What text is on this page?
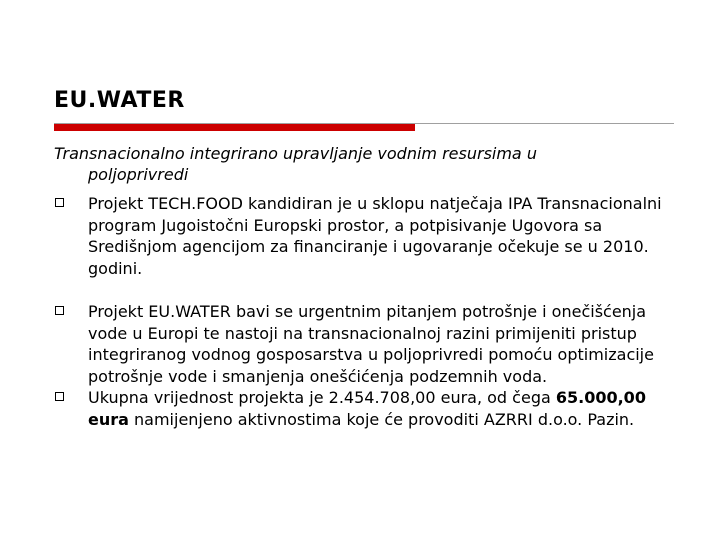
EU.WATER
Transnacionalno integrirano upravljanje vodnim resursima u
poljoprivredi
Projekt TECH.FOOD kandidiran je u sklopu natječaja IPA Transnacionalni program Jugoistočni Europski prostor, a potpisivanje Ugovora sa Središnjom agencijom za financiranje i ugovaranje očekuje se u 2010. godini.
Projekt EU.WATER bavi se urgentnim pitanjem potrošnje i onečišćenja vode u Europi te nastoji na transnacionalnoj razini primijeniti pristup integriranog vodnog gosposarstva u poljoprivredi pomoću optimizacije potrošnje vode i smanjenja onešćićenja podzemnih voda.
Ukupna vrijednost projekta je 2.454.708,00 eura, od čega 65.000,00 eura namijenjeno aktivnostima koje će provoditi AZRRI d.o.o. Pazin.
